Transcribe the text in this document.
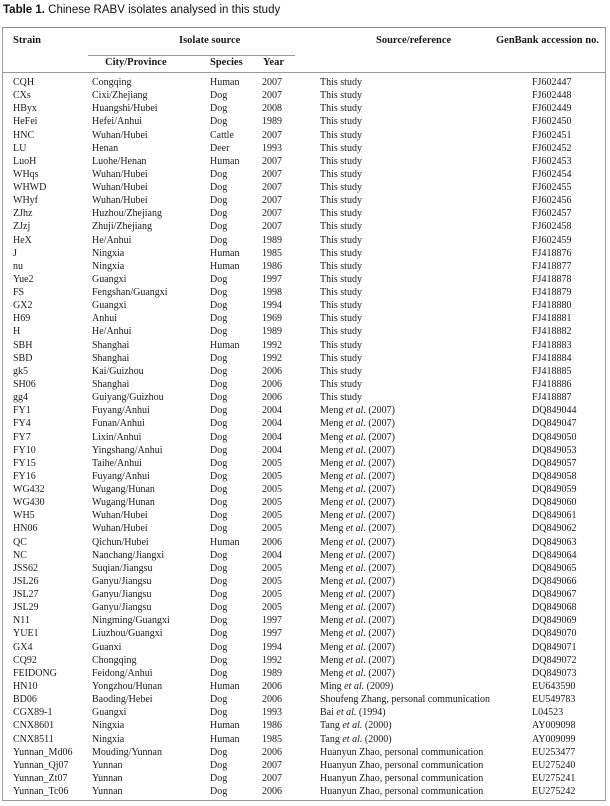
Table 1. Chinese RABV isolates analysed in this study
Strain	Isolate source	Source/reference	GenBank accession no.
City/Province	Species Year
CQH	Congqing	Human 2007	This study	FJ602447
CXs	Cixi/Zhejiang	Dog	2007	This study	FJ602448
HByx	Huangshi/Hubei	Dog	2008	This study	FJ602449
HeFei	Hefei/Anhui	Dog	1989	This study	FJ602450
HNC	Wuhan/Hubei	Cattle	2007	This study	FJ602451
LU	Henan	Deer	1993	This study	FJ602452
LuoH	Luohe/Henan	Human 2007	This study	FJ602453
WHqs	Wuhan/Hubei	Dog	2007	This study	FJ602454
WHWD	Wuhan/Hubei	Dog	2007	This study	FJ602455
WHyf	Wuhan/Hubei	Dog	2007	This study	FJ602456
ZJhz	Huzhou/Zhejiang	Dog	2007	This study	FJ602457
ZJzj	Zhuji/Zhejiang	Dog	2007	This study	FJ602458
HeX	He/Anhui	Dog	1989	This study	FJ602459
J	Ningxia	Human 1985	This study	FJ418876
nu	Ningxia	Human 1986	This study	FJ418877
Yue2	Guangxi	Dog	1997	This study	FJ418878
FS	Fengshan/Guangxi	Dog	1998	This study	FJ418879
GX2	Guangxi	Dog	1994	This study	FJ418880
H69	Anhui	Dog	1969	This study	FJ418881
H	He/Anhui	Dog	1989	This study	FJ418882
SBH	Shanghai	Human 1992	This study	FJ418883
SBD	Shanghai	Dog	1992	This study	FJ418884
gk5	Kai/Guizhou	Dog	2006	This study	FJ418885
SH06	Shanghai	Dog	2006	This study	FJ418886
gg4	Guiyang/Guizhou	Dog	2006	This study	FJ418887
FY1	Fuyang/Anhui	Dog	2004	Meng et al. (2007)	DQ849044
FY4	Funan/Anhui	Dog	2004	Meng et al. (2007)	DQ849047
FY7	Lixin/Anhui	Dog	2004	Meng et al. (2007)	DQ849050
FY10	Yingshang/Anhui	Dog	2004	Meng et al. (2007)	DQ849053
FY15	Taihe/Anhui	Dog	2005	Meng et al. (2007)	DQ849057
FY16	Fuyang/Anhui	Dog	2005	Meng et al. (2007)	DQ849058
WG432	Wugang/Hunan	Dog	2005	Meng et al. (2007)	DQ849059
WG430	Wugang/Hunan	Dog	2005	Meng et al. (2007)	DQ849060
WH5	Wuhan/Hubei	Dog	2005	Meng et al. (2007)	DQ849061
HN06	Wuhan/Hubei	Dog	2005	Meng et al. (2007)	DQ849062
QC	Qichun/Hubei	Human 2006	Meng et al. (2007)	DQ849063
NC	Nanchang/Jiangxi	Dog	2004	Meng et al. (2007)	DQ849064
JSS62	Suqian/Jiangsu	Dog	2005	Meng et al. (2007)	DQ849065
JSL26	Ganyu/Jiangsu	Dog	2005	Meng et al. (2007)	DQ849066
JSL27	Ganyu/Jiangsu	Dog	2005	Meng et al. (2007)	DQ849067
JSL29	Ganyu/Jiangsu	Dog	2005	Meng et al. (2007)	DQ849068
N11	Ningming/Guangxi	Dog	1997	Meng et al. (2007)	DQ849069
YUE1	Liuzhou/Guangxi	Dog	1997	Meng et al. (2007)	DQ849070
GX4	Guanxi	Dog	1994	Meng et al. (2007)	DQ849071
CQ92	Chongqing	Dog	1992	Meng et al. (2007)	DQ849072
FEIDONG	Feidong/Anhui	Dog	1989	Meng et al. (2007)	DQ849073
HN10	Yongzhou/Hunan	Human 2006	Ming et al. (2009)	EU643590
BD06	Baoding/Hebei	Dog	2006	Shoufeng Zhang, personal communication	EU549783
CGX89-1	Guangxi	Dog	1993	Bai et al. (1994)	L04523
CNX8601	Ningxia	Human 1986	Tang et al. (2000)	AY009098
CNX8511	Ningxia	Human 1985	Tang et al. (2000)	AY009099
Yunnan_Md06 Mouding/Yunnan	Dog	2006	Huanyun Zhao, personal communication	EU253477
Yunnan_Qj07 Yunnan	Dog	2007	Huanyun Zhao, personal communication	EU275240
Yunnan_Zt07 Yunnan	Dog	2007	Huanyun Zhao, personal communication	EU275241
Yunnan_Tc06 Yunnan	Dog	2006	Huanyun Zhao, personal communication	EU275242
